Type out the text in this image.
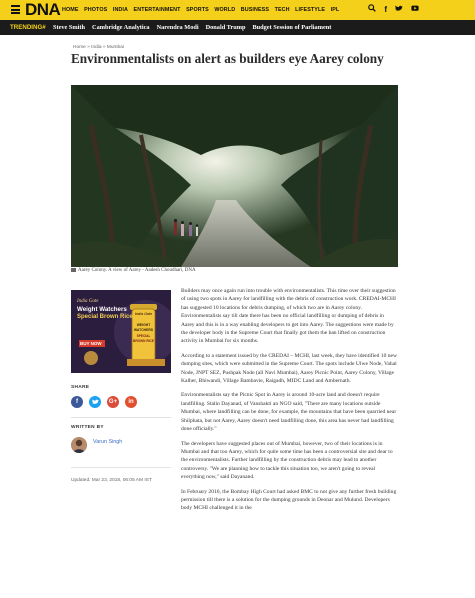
DNA HOME PHOTOS INDIA ENTERTAINMENT SPORTS WORLD BUSINESS TECH LIFESTYLE IPL	f
TRENDING# Steve Smith Cambridge Analytica Narendra Modi Donald Trump Budget Session of Parliament
Home » India » Mumbai
Environmentalists on alert as builders eye Aarey colony
Aarey Colony. A view of Aarey - Aadesh Choudhari, DNA
India Gate
Weight Watchers
Special Brown Rice
BUY NOW
India Gate
WEIGHT
WATCHERS
SPECIAL
BROWN RICE
SHARE
f	G+	in
WRITTEN BY
Varun Singh
Updated: Mar 23, 2018, 06:05 AM IST

Builders may once again run into trouble with environmentalists. This time over their suggestion of using two spots in Aarey for landfilling with the debris of construction work. CREDAI-MCHI has suggested 10 locations for debris dumping, of which two are in Aarey colony. Environmentalists say till date there has been no official landfilling or dumping of debris in Aarey and this is in a way enabling developers to get into Aarey. The suggestions were made by the developer body in the Supreme Court that finally got them the ban lifted on construction activity in Mumbai for six months.

According to a statement issued by the CREDAI – MCHI, last week, they have identified 10 new dumping sites, which were submitted in the Supreme Court. The spots include Ulwe Node, Vahal Node, JNPT SEZ, Pushpak Node (all Navi Mumbai), Aarey Picnic Point, Aarey Colony, Village Kalher, Bhiwandi, Village Bambavie, Raigadh, MIDC Land and Ambernath.

Environmentalists say the Picnic Spot in Aarey is around 10-acre land and doesn't require landfilling. Stalin Dayanad, of Vanshakti an NGO said, "There are many locations outside Mumbai, where landfilling can be done, for example, the mountains that have been quarried near Shilphata, but not Aarey, Aarey doesn't need landfilling done, this area has never had landfilling done officially."

The developers have suggested places out of Mumbai, however, two of their locations is in Mumbai and that too Aarey, which for quite some time has been a controversial site and dear to the environmentalists. Further landfilling by the construction debris may lead to another controversy. "We are planning how to tackle this situation too, we aren't going to reveal everything now," said Dayanand.

In February 2016, the Bombay High Court had asked BMC to not give any further fresh building permission till there is a solution for the dumping grounds in Deonar and Mulund. Developers body MCHI challenged it in the
